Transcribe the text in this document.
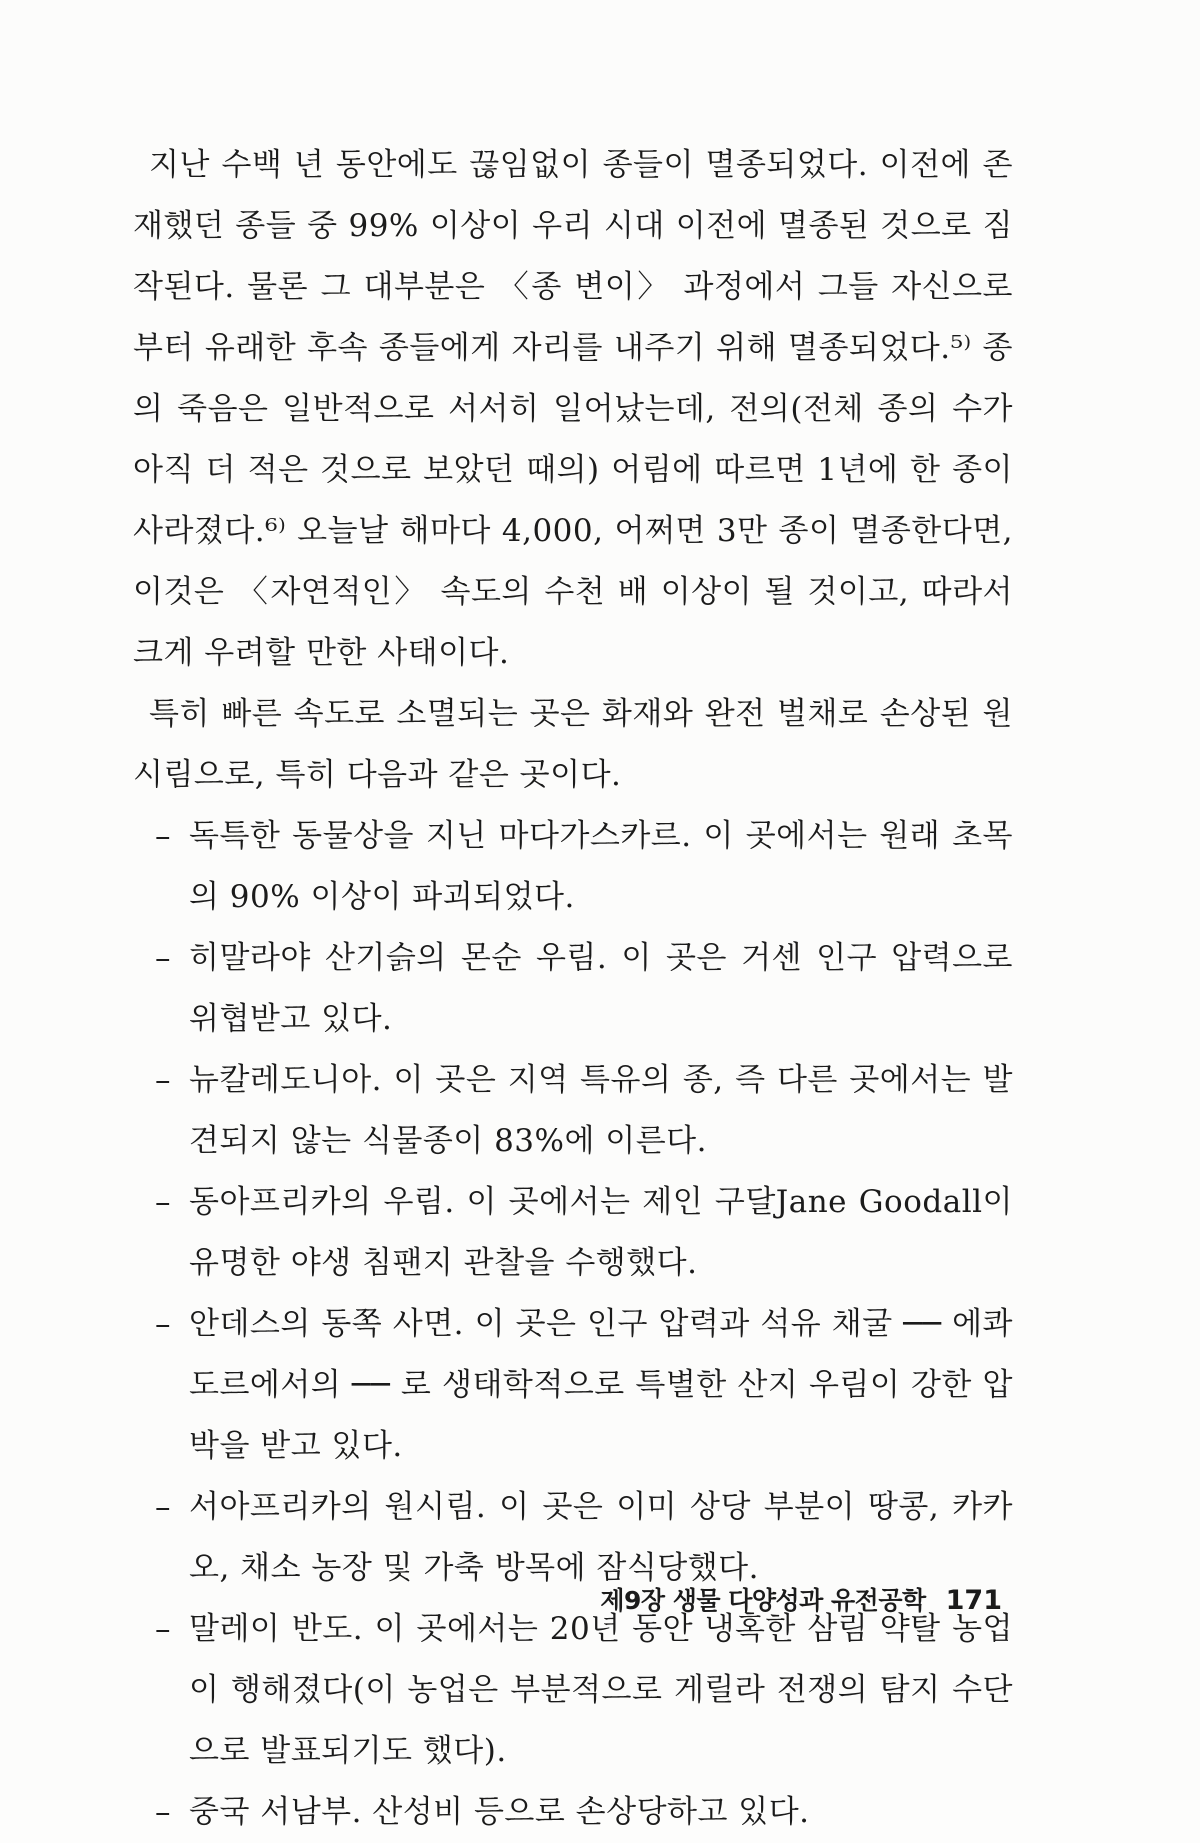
지난 수백 년 동안에도 끊임없이 종들이 멸종되었다. 이전에 존재했던 종들 중 99% 이상이 우리 시대 이전에 멸종된 것으로 짐작된다. 물론 그 대부분은 〈종 변이〉 과정에서 그들 자신으로부터 유래한 후속 종들에게 자리를 내주기 위해 멸종되었다.⁵⁾ 종의 죽음은 일반적으로 서서히 일어났는데, 전의(전체 종의 수가 아직 더 적은 것으로 보았던 때의) 어림에 따르면 1년에 한 종이 사라졌다.⁶⁾ 오늘날 해마다 4,000, 어쩌면 3만 종이 멸종한다면, 이것은 〈자연적인〉 속도의 수천 배 이상이 될 것이고, 따라서 크게 우려할 만한 사태이다.

특히 빠른 속도로 소멸되는 곳은 화재와 완전 벌채로 손상된 원시림으로, 특히 다음과 같은 곳이다.

– 독특한 동물상을 지닌 마다가스카르. 이 곳에서는 원래 초목의 90% 이상이 파괴되었다.
– 히말라야 산기슭의 몬순 우림. 이 곳은 거센 인구 압력으로 위협받고 있다.
– 뉴칼레도니아. 이 곳은 지역 특유의 종, 즉 다른 곳에서는 발견되지 않는 식물종이 83%에 이른다.
– 동아프리카의 우림. 이 곳에서는 제인 구달Jane Goodall이 유명한 야생 침팬지 관찰을 수행했다.
– 안데스의 동쪽 사면. 이 곳은 인구 압력과 석유 채굴 ── 에콰도르에서의 ── 로 생태학적으로 특별한 산지 우림이 강한 압박을 받고 있다.
– 서아프리카의 원시림. 이 곳은 이미 상당 부분이 땅콩, 카카오, 채소 농장 및 가축 방목에 잠식당했다.
– 말레이 반도. 이 곳에서는 20년 동안 냉혹한 삼림 약탈 농업이 행해졌다(이 농업은 부분적으로 게릴라 전쟁의 탐지 수단으로 발표되기도 했다).
– 중국 서남부. 산성비 등으로 손상당하고 있다.
제9장 생물 다양성과 유전공학 171
